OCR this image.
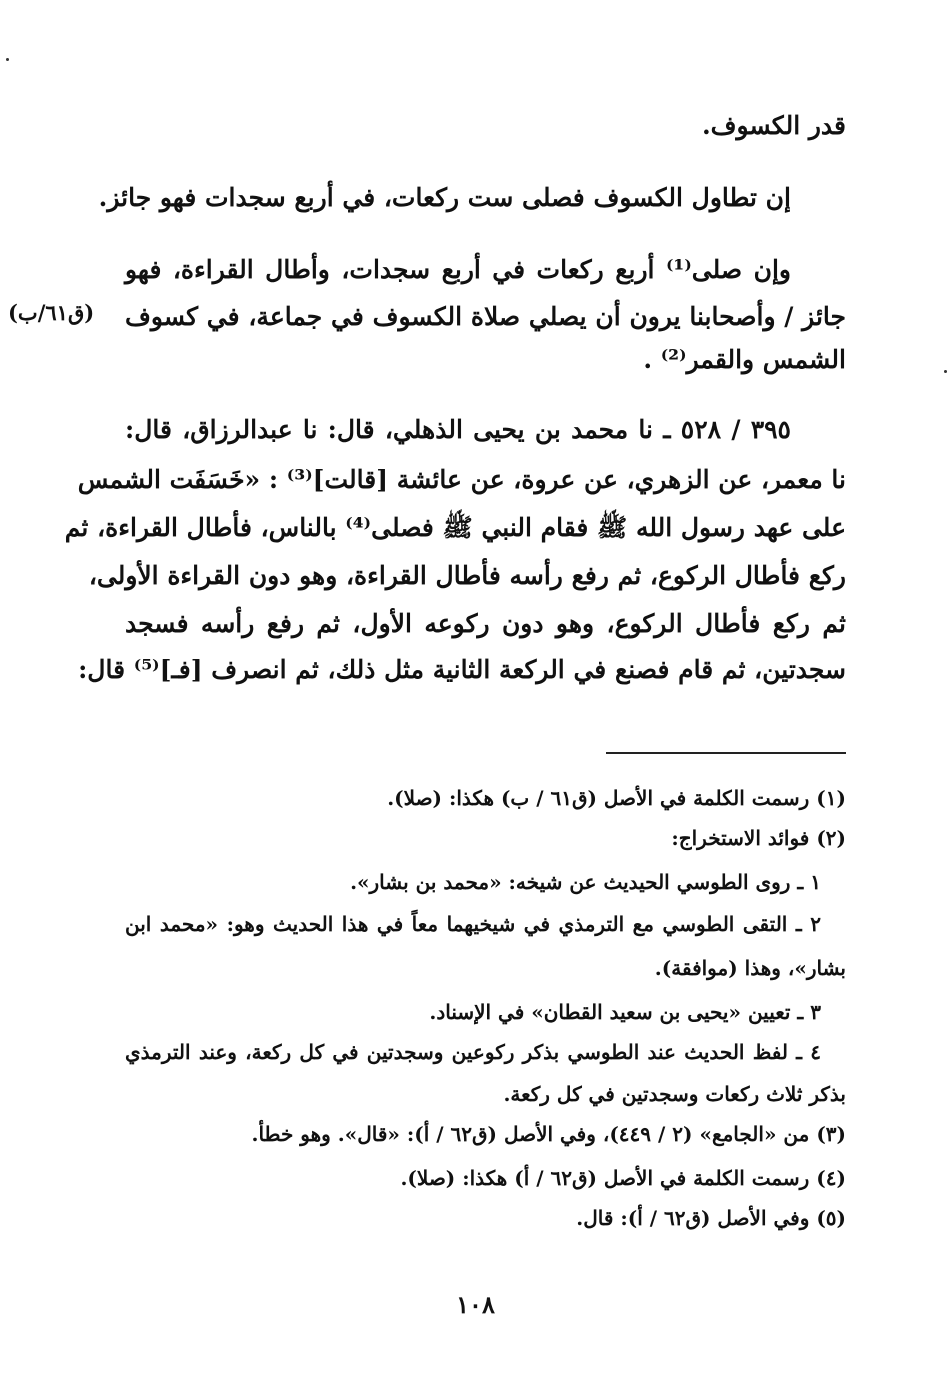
قدر الكسوف.
إن تطاول الكسوف فصلى ست ركعات، في أربع سجدات فهو جائز.
وإن صلى⁽¹⁾ أربع ركعات في أربع سجدات، وأطال القراءة، فهو
جائز / وأصحابنا يرون أن يصلي صلاة الكسوف في جماعة، في كسوف
الشمس والقمر⁽²⁾ .
(ق٦١/ب)
٣٩٥ / ٥٢٨ ـ نا محمد بن يحيى الذهلي، قال: نا عبدالرزاق، قال:
نا معمر، عن الزهري، عن عروة، عن عائشة [قالت]⁽³⁾ : «خَسَفَت الشمس
على عهد رسول الله ﷺ فقام النبي ﷺ فصلى⁽⁴⁾ بالناس، فأطال القراءة، ثم
ركع فأطال الركوع، ثم رفع رأسه فأطال القراءة، وهو دون القراءة الأولى،
ثم ركع فأطال الركوع، وهو دون ركوعه الأول، ثم رفع رأسه فسجد
سجدتين، ثم قام فصنع في الركعة الثانية مثل ذلك، ثم انصرف [فـ]⁽⁵⁾ قال:
(١) رسمت الكلمة في الأصل (ق٦١ / ب) هكذا: (صلا).
(٢) فوائد الاستخراج:
١ ـ روى الطوسي الحيديث عن شيخه: «محمد بن بشار».
٢ ـ التقى الطوسي مع الترمذي في شيخيهما معاً في هذا الحديث وهو: «محمد ابن
بشار»، وهذا (موافقة).
٣ ـ تعيين «يحيى بن سعيد القطان» في الإسناد.
٤ ـ لفظ الحديث عند الطوسي بذكر ركوعين وسجدتين في كل ركعة، وعند الترمذي
بذكر ثلاث ركعات وسجدتين في كل ركعة.
(٣) من «الجامع» (٢ / ٤٤٩)، وفي الأصل (ق٦٢ / أ): «قال». وهو خطأ.
(٤) رسمت الكلمة في الأصل (ق٦٢ / أ) هكذا: (صلا).
(٥) وفي الأصل (ق٦٢ / أ): قال.
١٠٨
